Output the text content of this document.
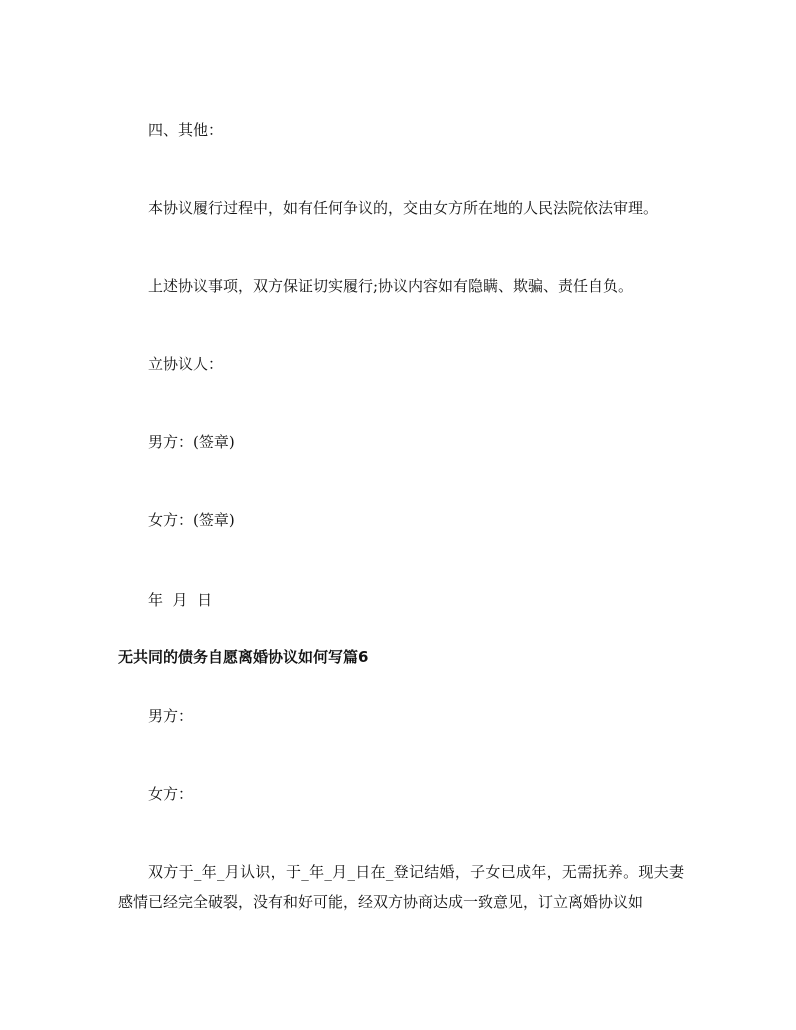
四、其他：
本协议履行过程中，如有任何争议的，交由女方所在地的人民法院依法审理。
上述协议事项，双方保证切实履行;协议内容如有隐瞒、欺骗、责任自负。
立协议人：
男方：(签章)
女方：(签章)
年  月  日
无共同的债务自愿离婚协议如何写篇6
男方：
女方：
双方于_年_月认识，于_年_月_日在_登记结婚，子女已成年，无需抚养。现夫妻感情已经完全破裂，没有和好可能，经双方协商达成一致意见，订立离婚协议如
